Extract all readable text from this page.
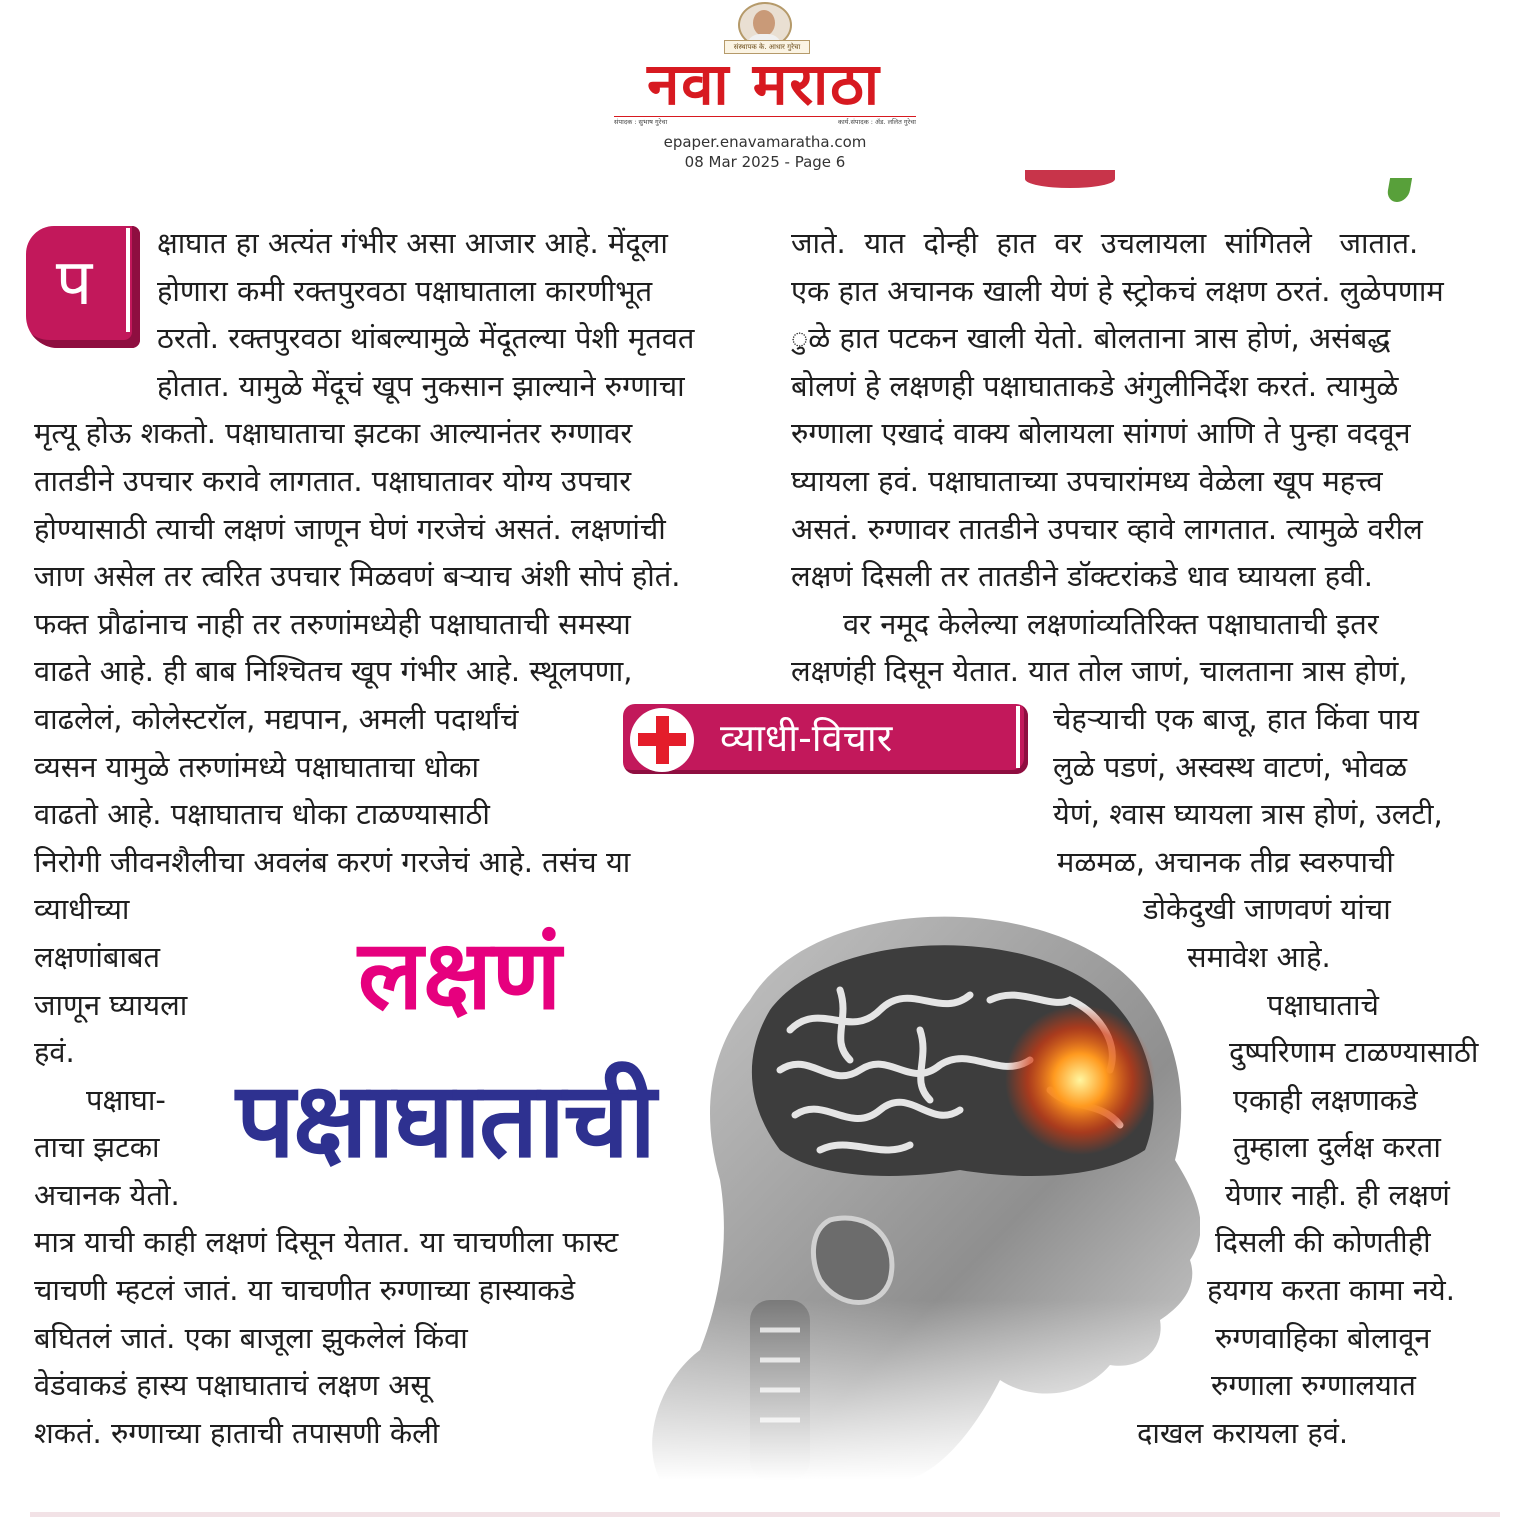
संस्थापक के. आधार गुरेचा
नवा मराठा
संपादक : सुभाष गुरेचा	कार्य.संपादक : ॲड. ललित गुरेचा
epaper.enavamaratha.com
08 Mar 2025 - Page 6
प

क्षाघात हा अत्यंत गंभीर असा आजार आहे. मेंदूला

होणारा कमी रक्तपुरवठा पक्षाघाताला कारणीभूत

ठरतो. रक्तपुरवठा थांबल्यामुळे मेंदूतल्या पेशी मृतवत

होतात. यामुळे मेंदूचं खूप नुकसान झाल्याने रुग्णाचा

मृत्यू होऊ शकतो. पक्षाघाताचा झटका आल्यानंतर रुग्णावर

तातडीने उपचार करावे लागतात. पक्षाघातावर योग्य उपचार

होण्यासाठी त्याची लक्षणं जाणून घेणं गरजेचं असतं. लक्षणांची

जाण असेल तर त्वरित उपचार मिळवणं बऱ्याच अंशी सोपं होतं.

फक्त प्रौढांनाच नाही तर तरुणांमध्येही पक्षाघाताची समस्या

वाढते आहे. ही बाब निश्चितच खूप गंभीर आहे. स्थूलपणा,

वाढलेलं, कोलेस्टरॉल, मद्यपान, अमली पदार्थांचं

व्यसन यामुळे तरुणांमध्ये पक्षाघाताचा धोका

वाढतो आहे. पक्षाघाताच धोका टाळण्यासाठी

निरोगी जीवनशैलीचा अवलंब करणं गरजेचं आहे. तसंच या

व्याधीच्या

लक्षणांबाबत

जाणून घ्यायला

हवं.

पक्षाघा-

ताचा झटका

अचानक येतो.

मात्र याची काही लक्षणं दिसून येतात. या चाचणीला फास्ट

चाचणी म्हटलं जातं. या चाचणीत रुग्णाच्या हास्याकडे

बघितलं जातं. एका बाजूला झुकलेलं किंवा

वेडंवाकडं हास्य पक्षाघाताचं लक्षण असू

शकतं. रुग्णाच्या हाताची तपासणी केली

जाते.  यात  दोन्ही  हात  वर  उचलायला  सांगितले   जातात.

एक हात अचानक खाली येणं हे स्ट्रोकचं लक्षण ठरतं. लुळेपणाम

ुळे हात पटकन खाली येतो. बोलताना त्रास होणं, असंबद्ध

बोलणं हे लक्षणही पक्षाघाताकडे अंगुलीनिर्देश करतं. त्यामुळे

रुग्णाला एखादं वाक्य बोलायला सांगणं आणि ते पुन्हा वदवून

घ्यायला हवं. पक्षाघाताच्या उपचारांमध्य वेळेला खूप महत्त्व

असतं. रुग्णावर तातडीने उपचार व्हावे लागतात. त्यामुळे वरील

लक्षणं दिसली तर तातडीने डॉक्टरांकडे धाव घ्यायला हवी.

वर नमूद केलेल्या लक्षणांव्यतिरिक्त पक्षाघाताची इतर

लक्षणंही दिसून येतात. यात तोल जाणं, चालताना त्रास होणं,

चेहऱ्याची एक बाजू, हात किंवा पाय

लुळे पडणं, अस्वस्थ वाटणं, भोवळ

येणं, श्वास घ्यायला त्रास होणं, उलटी,

मळमळ, अचानक तीव्र स्वरुपाची

डोकेदुखी जाणवणं यांचा

समावेश आहे.

पक्षाघाताचे

दुष्परिणाम टाळण्यासाठी

एकाही लक्षणाकडे

तुम्हाला दुर्लक्ष करता

येणार नाही. ही लक्षणं

दिसली की कोणतीही

हयगय करता कामा नये.

रुग्णवाहिका बोलावून

रुग्णाला रुग्णालयात

दाखल करायला हवं.

व्याधी-विचार
लक्षणं
पक्षाघाताची
